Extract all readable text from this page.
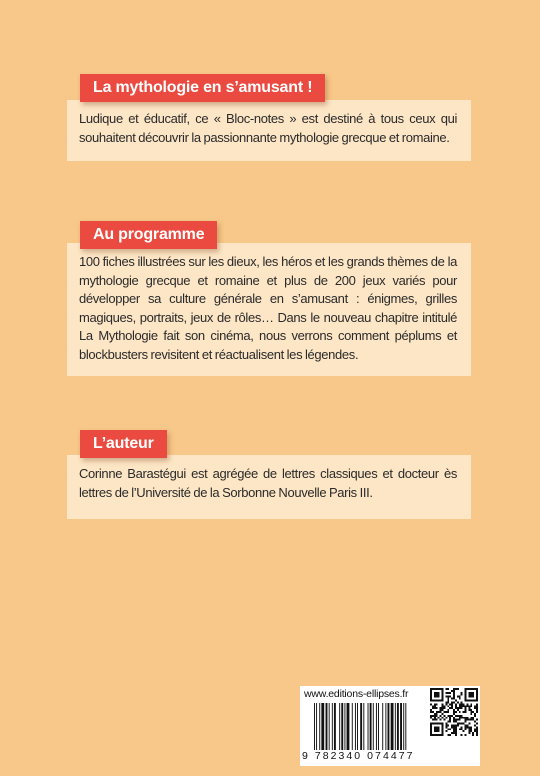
Ludique et éducatif, ce « Bloc-notes » est destiné à tous ceux qui souhaitent découvrir la passionnante mythologie grecque et romaine.
La mythologie en s’amusant !
100 fiches illustrées sur les dieux, les héros et les grands thèmes de la mythologie grecque et romaine et plus de 200 jeux variés pour développer sa culture générale en s’amusant : énigmes, grilles magiques, portraits, jeux de rôles… Dans le nouveau chapitre intitulé La Mythologie fait son cinéma, nous verrons comment péplums et blockbusters revisitent et réactualisent les légendes.
Au programme
Corinne Barastégui est agrégée de lettres classiques et docteur ès lettres de l’Université de la Sorbonne Nouvelle Paris III.
L’auteur
www.editions-ellipses.fr
9 782340 074477
